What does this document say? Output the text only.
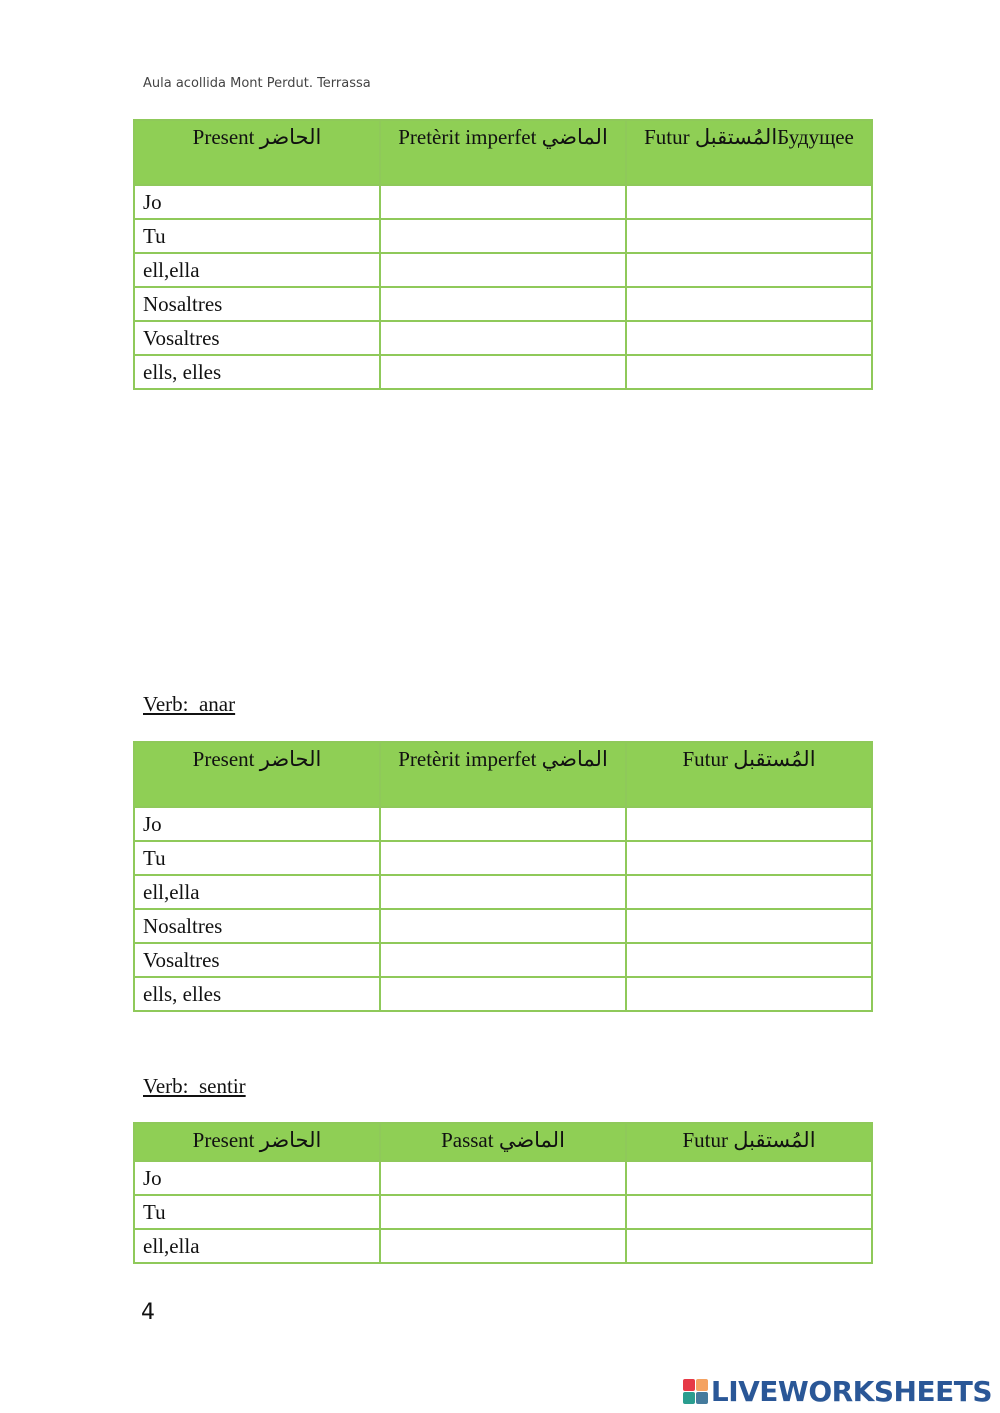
Aula acollida Mont Perdut. Terrassa
Present الحاضر	Pretèrit imperfet الماضي	Futur المُستقبلБудущее
Jo		
Tu		
ell,ella		
Nosaltres		
Vosaltres		
ells, elles		
Verb:  anar
Present الحاضر	Pretèrit imperfet الماضي	Futur المُستقبل
Jo		
Tu		
ell,ella		
Nosaltres		
Vosaltres		
ells, elles		
Verb:  sentir
Present الحاضر	Passat الماضي	Futur المُستقبل
Jo		
Tu		
ell,ella		
4
LIVEWORKSHEETS
